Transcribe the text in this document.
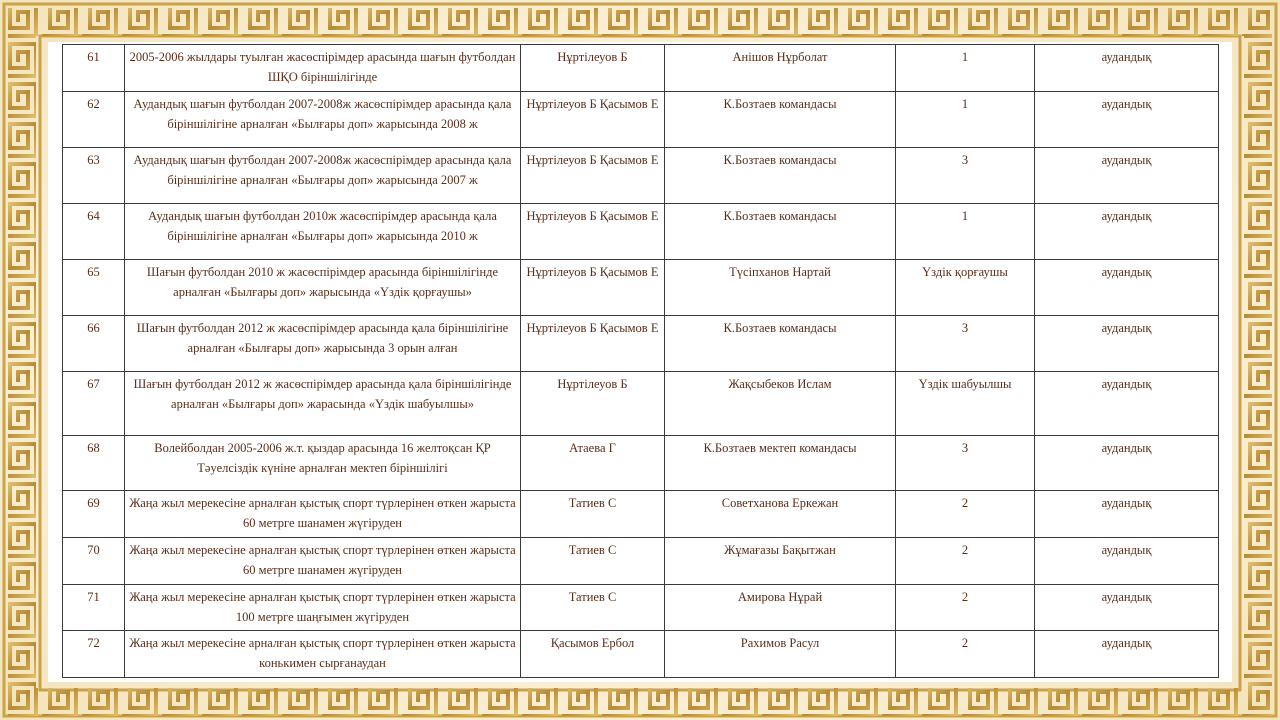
61	2005-2006 жылдары туылған жасөспірімдер арасында шағын футболдан ШҚО біріншілігінде	Нұртілеуов Б	Анішов Нұрболат	1	аудандық
62	Аудандық шағын футболдан 2007-2008ж жасөспірімдер арасында қала біріншілігіне арналған «Былғары доп» жарысында 2008 ж	Нұртілеуов Б Қасымов Е	К.Бозтаев командасы	1	аудандық
63	Аудандық шағын футболдан 2007-2008ж жасөспірімдер арасында қала біріншілігіне арналған «Былғары доп» жарысында 2007 ж	Нұртілеуов Б Қасымов Е	К.Бозтаев командасы	3	аудандық
64	Аудандық шағын футболдан 2010ж жасөспірімдер арасында қала біріншілігіне арналған «Былғары доп» жарысында 2010 ж	Нұртілеуов Б Қасымов Е	К.Бозтаев командасы	1	аудандық
65	Шағын футболдан 2010 ж жасөспірімдер арасында біріншілігінде арналған «Былғары доп» жарысында «Үздік қорғаушы»	Нұртілеуов Б Қасымов Е	Түсіпханов Нартай	Үздік қорғаушы	аудандық
66	Шағын футболдан 2012 ж жасөспірімдер арасында қала біріншілігіне арналған «Былғары доп» жарысында 3 орын алған	Нұртілеуов Б Қасымов Е	К.Бозтаев командасы	3	аудандық
67	Шағын футболдан 2012 ж жасөспірімдер арасында қала біріншілігінде арналған «Былғары доп» жарасында «Үздік шабуылшы»	Нұртілеуов Б	Жақсыбеков Ислам	Үздік шабуылшы	аудандық
68	Волейболдан 2005-2006 ж.т. қыздар арасында 16 желтоқсан ҚР Тәуелсіздік күніне арналған мектеп біріншілігі	Атаева Г	К.Бозтаев мектеп командасы	3	аудандық
69	Жаңа жыл мерекесіне арналған қыстық спорт түрлерінен өткен жарыста 60 метрге шанамен жүгіруден	Татиев С	Советханова Еркежан	2	аудандық
70	Жаңа жыл мерекесіне арналған қыстық спорт түрлерінен өткен жарыста 60 метрге шанамен жүгіруден	Татиев С	Жұмағазы Бақытжан	2	аудандық
71	Жаңа жыл мерекесіне арналған қыстық спорт түрлерінен өткен жарыста 100 метрге шаңғымен жүгіруден	Татиев С	Амирова Нұрай	2	аудандық
72	Жаңа жыл мерекесіне арналған қыстық спорт түрлерінен өткен жарыста конькимен сырғанаудан	Қасымов Ербол	Рахимов Расул	2	аудандық
